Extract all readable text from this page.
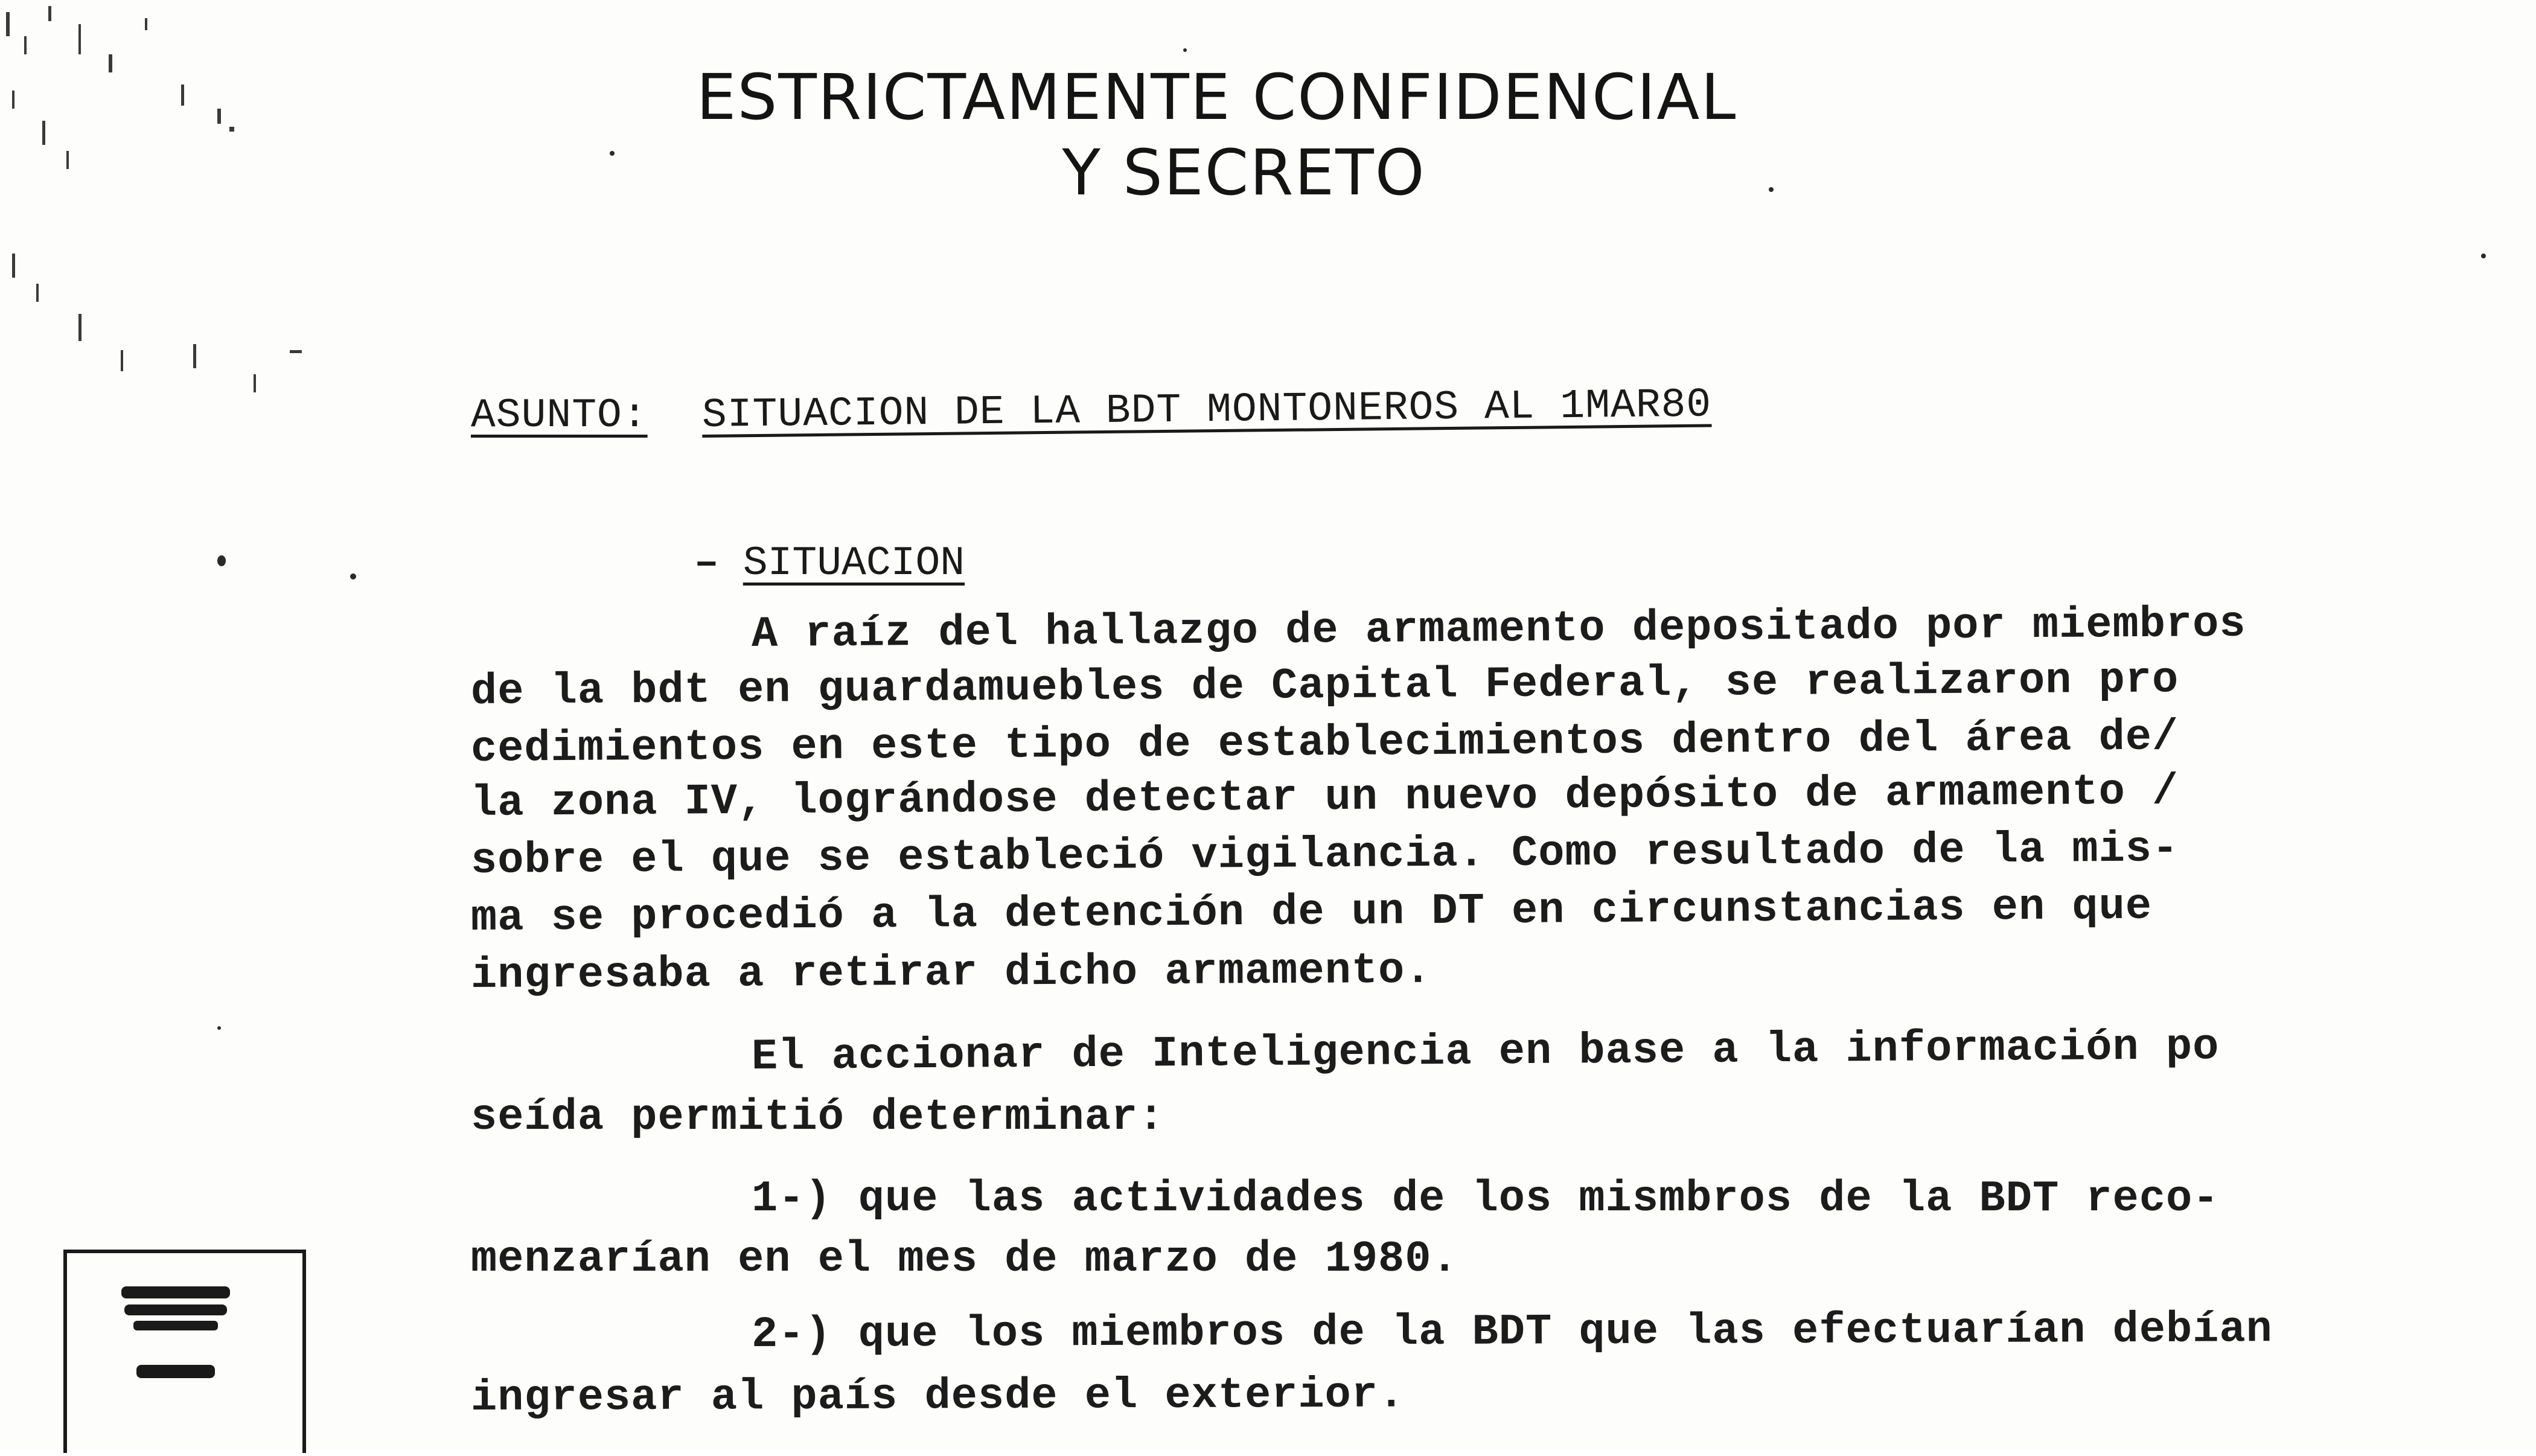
ESTRICTAMENTE CONFIDENCIAL
Y SECRETO
ASUNTO: SITUACION DE LA BDT MONTONEROS AL 1MAR80
– SITUACION
A raíz del hallazgo de armamento depositado por miembros
de la bdt en guardamuebles de Capital Federal, se realizaron pro
cedimientos en este tipo de establecimientos dentro del área de/
la zona IV, lográndose detectar un nuevo depósito de armamento /
sobre el que se estableció vigilancia. Como resultado de la mis-
ma se procedió a la detención de un DT en circunstancias en que
ingresaba a retirar dicho armamento.
El accionar de Inteligencia en base a la información po
seída permitió determinar:
1-) que las actividades de los mismbros de la BDT reco-
menzarían en el mes de marzo de 1980.
2-) que los miembros de la BDT que las efectuarían debían
ingresar al país desde el exterior.
